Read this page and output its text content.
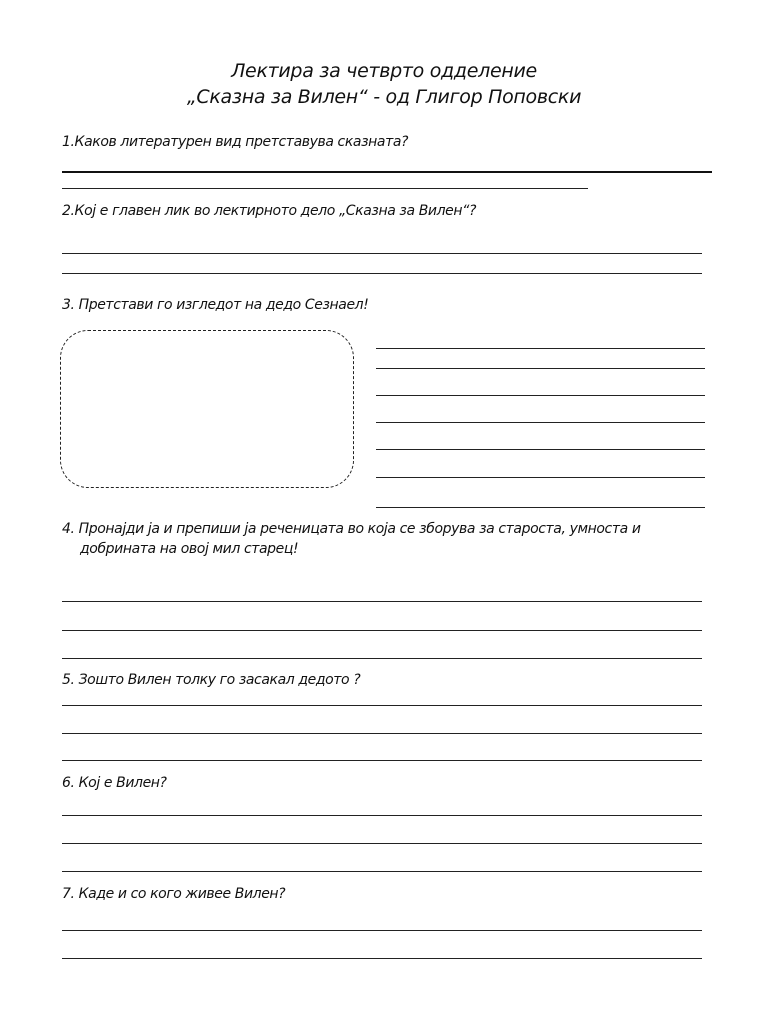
Лектира за четврто одделение
„Сказна за Вилен“ - од Глигор Поповски
1.Каков литературен вид претставува сказната?
2.Кој е главен лик во лектирното дело „Сказна за Вилен“?
3. Претстави го изгледот на дедо Сезнаел!
4. Пронајди ја и препиши ја реченицата во која се зборува за староста, умноста и
добрината на овој мил старец!
5. Зошто Вилен толку го засакал дедото ?
6. Кој е Вилен?
7. Каде и со кого живее Вилен?
